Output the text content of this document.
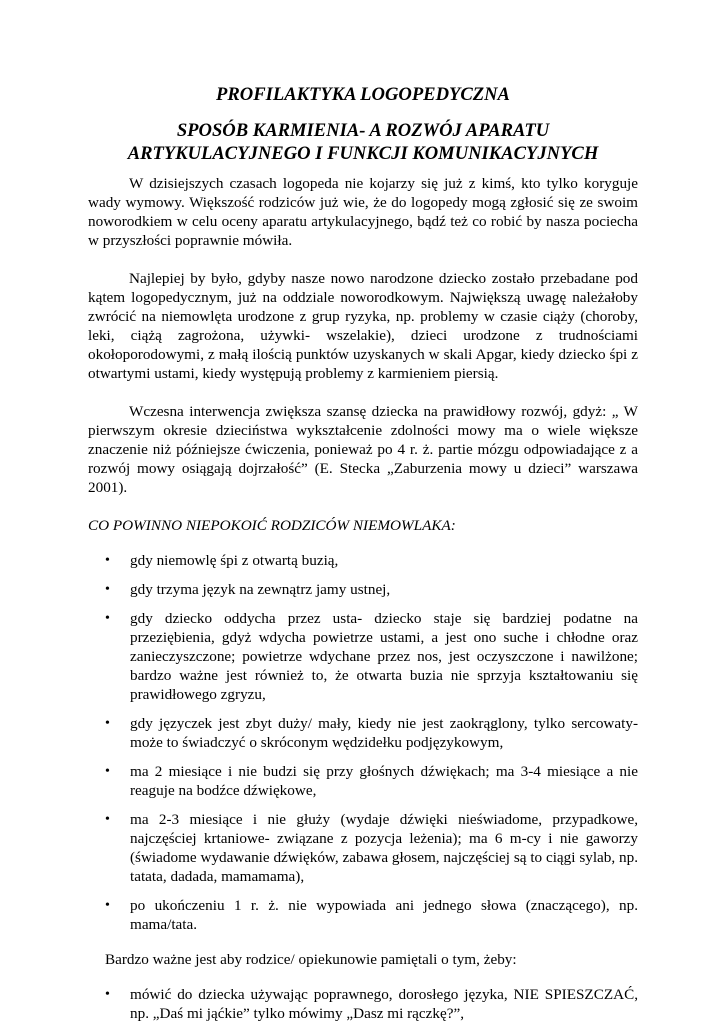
PROFILAKTYKA LOGOPEDYCZNA
SPOSÓB KARMIENIA- A ROZWÓJ APARATU ARTYKULACYJNEGO I FUNKCJI KOMUNIKACYJNYCH

W dzisiejszych czasach logopeda nie kojarzy się już z kimś, kto tylko koryguje wady wymowy. Większość rodziców już wie, że do logopedy mogą zgłosić się ze swoim noworodkiem w celu oceny aparatu artykulacyjnego, bądź też co robić by nasza pociecha w przyszłości poprawnie mówiła.

Najlepiej by było, gdyby nasze nowo narodzone dziecko zostało przebadane pod kątem logopedycznym, już na oddziale noworodkowym. Największą uwagę należałoby zwrócić na niemowlęta urodzone z grup ryzyka, np. problemy w czasie ciąży (choroby, leki, ciążą zagrożona, używki- wszelakie), dzieci urodzone z trudnościami okołoporodowymi, z małą ilością punktów uzyskanych w skali Apgar, kiedy dziecko śpi z otwartymi ustami, kiedy występują problemy z karmieniem piersią.

Wczesna interwencja zwiększa szansę dziecka na prawidłowy rozwój, gdyż: „ W pierwszym okresie dzieciństwa wykształcenie zdolności mowy ma o wiele większe znaczenie niż późniejsze ćwiczenia, ponieważ po 4 r. ż. partie mózgu odpowiadające z a rozwój mowy osiągają dojrzałość” (E. Stecka „Zaburzenia mowy u dzieci” warszawa 2001).

CO POWINNO NIEPOKOIĆ RODZICÓW NIEMOWLAKA:

• gdy niemowlę śpi z otwartą buzią,
• gdy trzyma język na zewnątrz jamy ustnej,
• gdy dziecko oddycha przez usta- dziecko staje się bardziej podatne na przeziębienia, gdyż wdycha powietrze ustami, a jest ono suche i chłodne oraz zanieczyszczone; powietrze wdychane przez nos, jest oczyszczone i nawilżone; bardzo ważne jest również to, że otwarta buzia nie sprzyja kształtowaniu się prawidłowego zgryzu,
• gdy języczek jest zbyt duży/ mały, kiedy nie jest zaokrąglony, tylko sercowaty- może to świadczyć o skróconym wędzidełku podjęzykowym,
• ma 2 miesiące i nie budzi się przy głośnych dźwiękach; ma 3-4 miesiące a nie reaguje na bodźce dźwiękowe,
• ma 2-3 miesiące i nie głuży (wydaje dźwięki nieświadome, przypadkowe, najczęściej krtaniowe- związane z pozycja leżenia); ma 6 m-cy i nie gaworzy (świadome wydawanie dźwięków, zabawa głosem, najczęściej są to ciągi sylab, np. tatata, dadada, mamamama),
• po ukończeniu 1 r. ż. nie wypowiada ani jednego słowa (znaczącego), np. mama/tata.

Bardzo ważne jest aby rodzice/ opiekunowie pamiętali o tym, żeby:

• mówić do dziecka używając poprawnego, dorosłego języka, NIE SPIESZCZAĆ, np. „Daś mi jąćkie” tylko mówimy „Dasz mi rączkę?”,
